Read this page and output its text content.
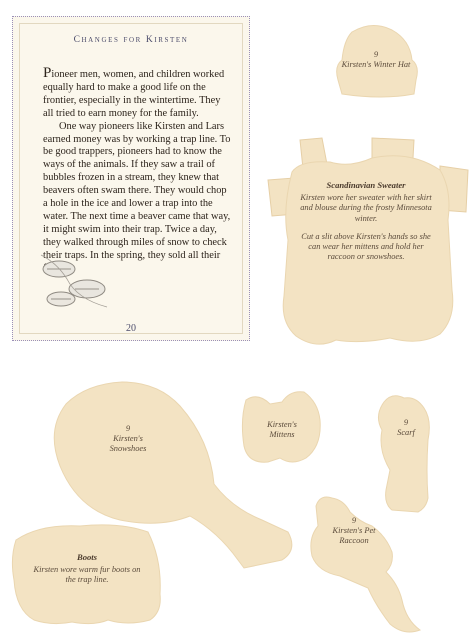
Changes for Kirsten

Pioneer men, women, and children worked equally hard to make a good life on the frontier, especially in the wintertime. They all tried to earn money for the family.

One way pioneers like Kirsten and Lars earned money was by working a trap line. To be good trappers, pioneers had to know the ways of the animals. If they saw a trail of bubbles frozen in a stream, they knew that beavers often swam there. They would chop a hole in the ice and lower a trap into the water. The next time a beaver came that way, it might swim into their trap. Twice a day, they walked through miles of snow to check their traps. In the spring, they sold all their

20
9
Kirsten's Winter Hat
Scandinavian Sweater
Kirsten wore her sweater with her skirt and blouse during the frosty Minnesota winter.
Cut a slit above Kirsten's hands so she can wear her mittens and hold her raccoon or snowshoes.
9
Kirsten's Snowshoes
Kirsten's Mittens
9
Scarf
9
Kirsten's Pet Raccoon
Boots
Kirsten wore warm fur boots on the trap line.
